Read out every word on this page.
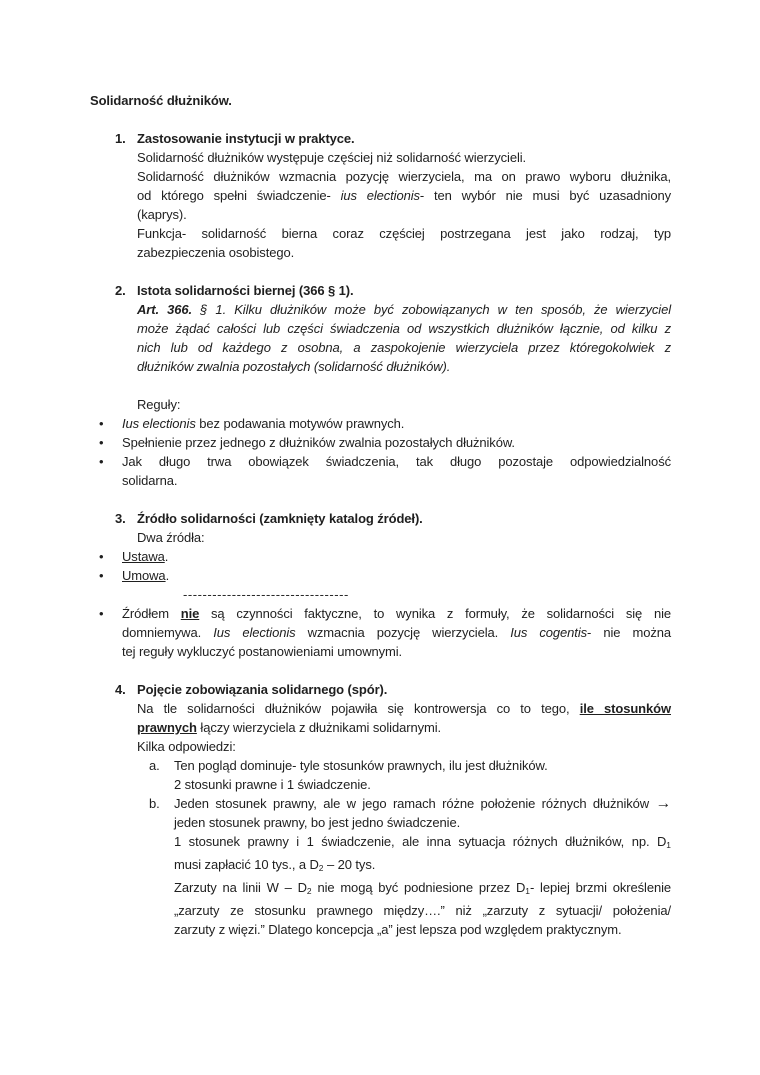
Solidarność dłużników.
1. Zastosowanie instytucji w praktyce.
Solidarność dłużników występuje częściej niż solidarność wierzycieli.
Solidarność dłużników wzmacnia pozycję wierzyciela, ma on prawo wyboru dłużnika,
od którego spełni świadczenie- ius electionis- ten wybór nie musi być uzasadniony
(kaprys).
Funkcja- solidarność bierna coraz częściej postrzegana jest jako rodzaj, typ
zabezpieczenia osobistego.
2. Istota solidarności biernej (366 § 1).
Art. 366. § 1. Kilku dłużników może być zobowiązanych w ten sposób, że wierzyciel
może żądać całości lub części świadczenia od wszystkich dłużników łącznie, od kilku z
nich lub od każdego z osobna, a zaspokojenie wierzyciela przez któregokolwiek z
dłużników zwalnia pozostałych (solidarność dłużników).
Reguły:
• Ius electionis bez podawania motywów prawnych.
• Spełnienie przez jednego z dłużników zwalnia pozostałych dłużników.
• Jak długo trwa obowiązek świadczenia, tak długo pozostaje odpowiedzialność
solidarna.
3. Źródło solidarności (zamknięty katalog źródeł).
Dwa źródła:
• Ustawa.
• Umowa.
----------------------------------
• Źródłem nie są czynności faktyczne, to wynika z formuły, że solidarności się nie
domniemywa. Ius electionis wzmacnia pozycję wierzyciela. Ius cogentis- nie można
tej reguły wykluczyć postanowieniami umownymi.
4. Pojęcie zobowiązania solidarnego (spór).
Na tle solidarności dłużników pojawiła się kontrowersja co to tego, ile stosunków
prawnych łączy wierzyciela z dłużnikami solidarnymi.
Kilka odpowiedzi:
a. Ten pogląd dominuje- tyle stosunków prawnych, ilu jest dłużników.
2 stosunki prawne i 1 świadczenie.
b. Jeden stosunek prawny, ale w jego ramach różne położenie różnych dłużników →
jeden stosunek prawny, bo jest jedno świadczenie.
1 stosunek prawny i 1 świadczenie, ale inna sytuacja różnych dłużników, np. D1
musi zapłacić 10 tys., a D2 – 20 tys.
Zarzuty na linii W – D2 nie mogą być podniesione przez D1- lepiej brzmi określenie
„zarzuty ze stosunku prawnego między….” niż „zarzuty z sytuacji/ położenia/
zarzuty z więzi.” Dlatego koncepcja „a” jest lepsza pod względem praktycznym.
